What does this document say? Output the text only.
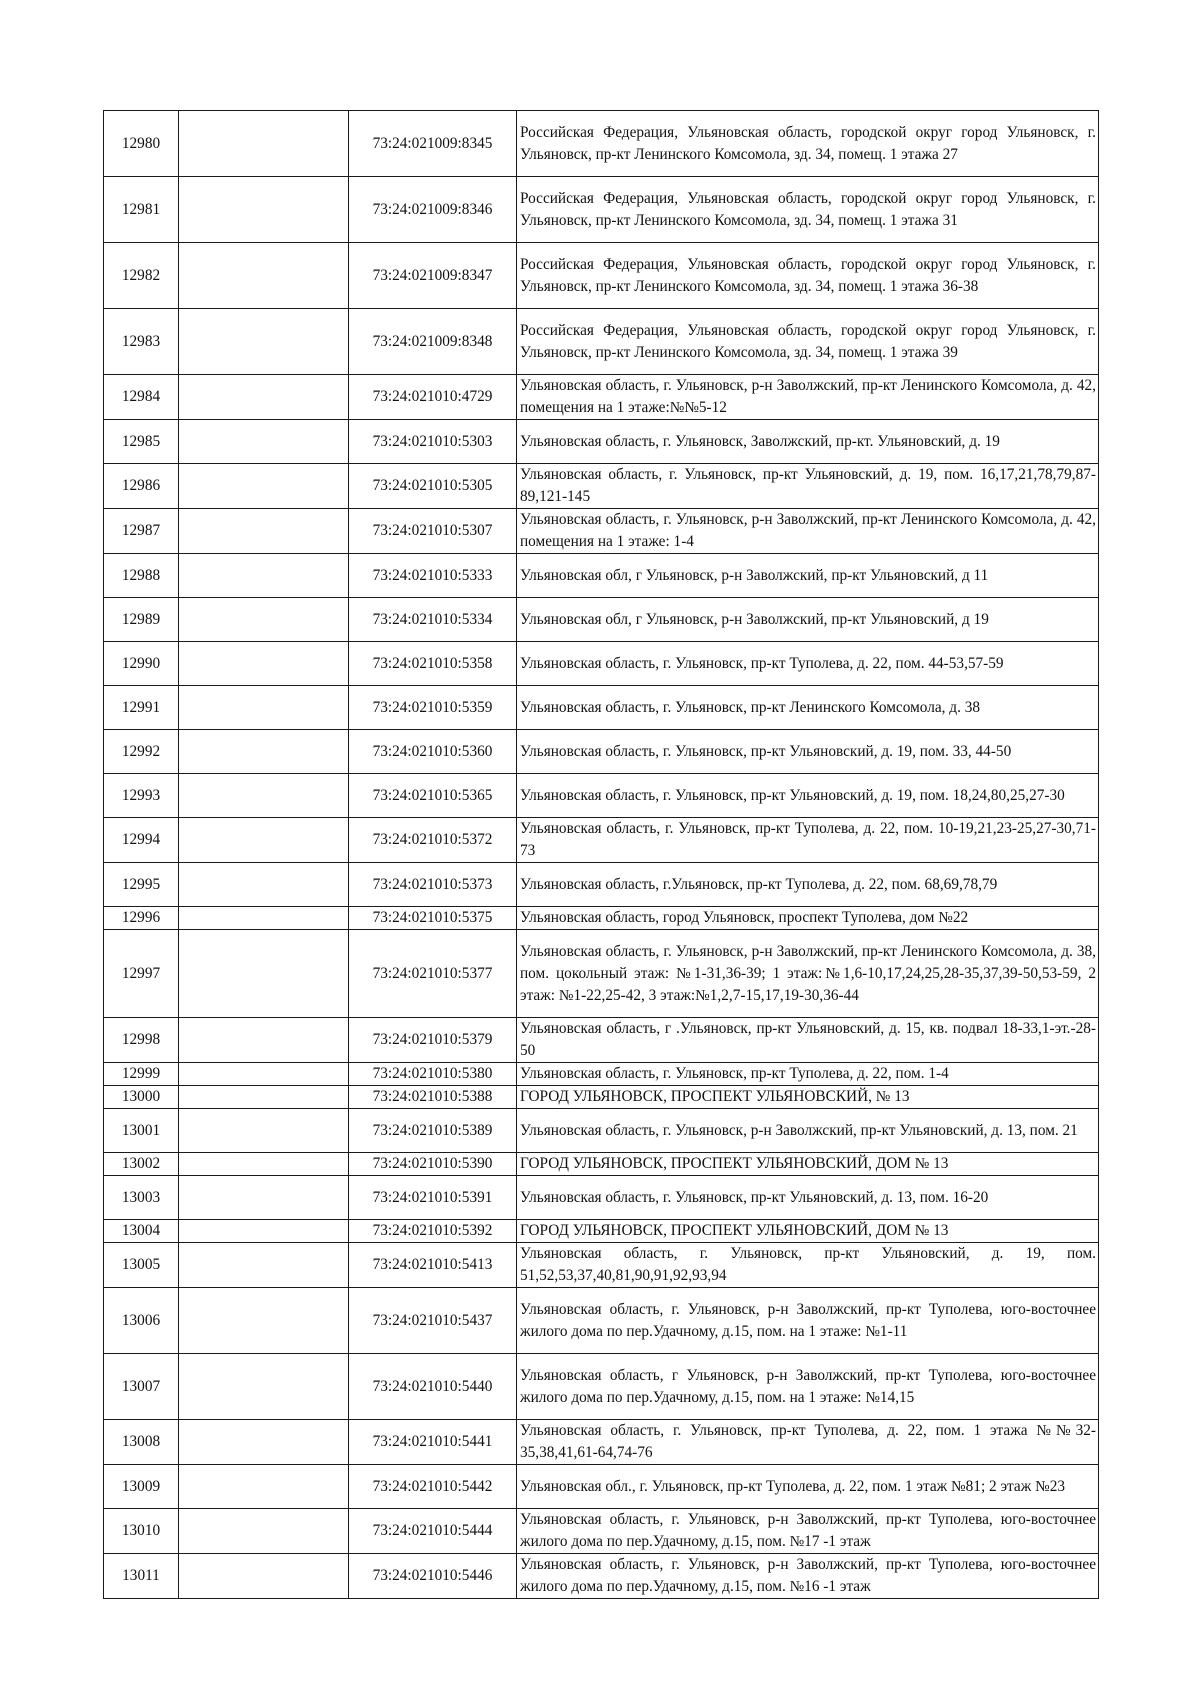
12980		73:24:021009:8345	Российская Федерация, Ульяновская область, городской округ город Ульяновск, г. Ульяновск, пр-кт Ленинского Комсомола, зд. 34, помещ. 1 этажа 27
12981		73:24:021009:8346	Российская Федерация, Ульяновская область, городской округ город Ульяновск, г. Ульяновск, пр-кт Ленинского Комсомола, зд. 34, помещ. 1 этажа 31
12982		73:24:021009:8347	Российская Федерация, Ульяновская область, городской округ город Ульяновск, г. Ульяновск, пр-кт Ленинского Комсомола, зд. 34, помещ. 1 этажа 36-38
12983		73:24:021009:8348	Российская Федерация, Ульяновская область, городской округ город Ульяновск, г. Ульяновск, пр-кт Ленинского Комсомола, зд. 34, помещ. 1 этажа 39
12984		73:24:021010:4729	Ульяновская область, г. Ульяновск, р-н Заволжский, пр-кт Ленинского Комсомола, д. 42, помещения на 1 этаже:№№5-12
12985		73:24:021010:5303	Ульяновская область, г. Ульяновск, Заволжский, пр-кт. Ульяновский, д. 19
12986		73:24:021010:5305	Ульяновская область, г. Ульяновск, пр-кт Ульяновский, д. 19, пом. 16,17,21,78,79,87-89,121-145
12987		73:24:021010:5307	Ульяновская область, г. Ульяновск, р-н Заволжский, пр-кт Ленинского Комсомола, д. 42, помещения на 1 этаже: 1-4
12988		73:24:021010:5333	Ульяновская обл, г Ульяновск, р-н Заволжский, пр-кт Ульяновский, д 11
12989		73:24:021010:5334	Ульяновская обл, г Ульяновск, р-н Заволжский, пр-кт Ульяновский, д 19
12990		73:24:021010:5358	Ульяновская область, г. Ульяновск, пр-кт Туполева, д. 22, пом. 44-53,57-59
12991		73:24:021010:5359	Ульяновская область, г. Ульяновск, пр-кт Ленинского Комсомола, д. 38
12992		73:24:021010:5360	Ульяновская область, г. Ульяновск, пр-кт Ульяновский, д. 19, пом. 33, 44-50
12993		73:24:021010:5365	Ульяновская область, г. Ульяновск, пр-кт Ульяновский, д. 19, пом. 18,24,80,25,27-30
12994		73:24:021010:5372	Ульяновская область, г. Ульяновск, пр-кт Туполева, д. 22, пом. 10-19,21,23-25,27-30,71-73
12995		73:24:021010:5373	Ульяновская область, г.Ульяновск, пр-кт Туполева, д. 22, пом. 68,69,78,79
12996		73:24:021010:5375	Ульяновская область, город Ульяновск, проспект Туполева, дом №22
12997		73:24:021010:5377	Ульяновская область, г. Ульяновск, р-н Заволжский, пр-кт Ленинского Комсомола, д. 38, пом. цокольный этаж: №1-31,36-39; 1 этаж:№1,6-10,17,24,25,28-35,37,39-50,53-59, 2 этаж: №1-22,25-42, 3 этаж:№1,2,7-15,17,19-30,36-44
12998		73:24:021010:5379	Ульяновская область, г .Ульяновск, пр-кт Ульяновский, д. 15, кв. подвал 18-33,1-эт.-28-50
12999		73:24:021010:5380	Ульяновская область, г. Ульяновск, пр-кт Туполева, д. 22, пом. 1-4
13000		73:24:021010:5388	ГОРОД УЛЬЯНОВСК, ПРОСПЕКТ УЛЬЯНОВСКИЙ, № 13
13001		73:24:021010:5389	Ульяновская область, г. Ульяновск, р-н Заволжский, пр-кт Ульяновский, д. 13, пом. 21
13002		73:24:021010:5390	ГОРОД УЛЬЯНОВСК, ПРОСПЕКТ УЛЬЯНОВСКИЙ, ДОМ № 13
13003		73:24:021010:5391	Ульяновская область, г. Ульяновск, пр-кт Ульяновский, д. 13, пом. 16-20
13004		73:24:021010:5392	ГОРОД УЛЬЯНОВСК, ПРОСПЕКТ УЛЬЯНОВСКИЙ, ДОМ № 13
13005		73:24:021010:5413	Ульяновская область, г. Ульяновск, пр-кт Ульяновский, д. 19, пом. 51,52,53,37,40,81,90,91,92,93,94
13006		73:24:021010:5437	Ульяновская область, г. Ульяновск, р-н Заволжский, пр-кт Туполева, юго-восточнее жилого дома по пер.Удачному, д.15, пом. на 1 этаже: №1-11
13007		73:24:021010:5440	Ульяновская область, г Ульяновск, р-н Заволжский, пр-кт Туполева, юго-восточнее жилого дома по пер.Удачному, д.15, пом. на 1 этаже: №14,15
13008		73:24:021010:5441	Ульяновская область, г. Ульяновск, пр-кт Туполева, д. 22, пом. 1 этажа №№32-35,38,41,61-64,74-76
13009		73:24:021010:5442	Ульяновская обл., г. Ульяновск, пр-кт Туполева, д. 22, пом. 1 этаж №81; 2 этаж №23
13010		73:24:021010:5444	Ульяновская область, г. Ульяновск, р-н Заволжский, пр-кт Туполева, юго-восточнее жилого дома по пер.Удачному, д.15, пом. №17 -1 этаж
13011		73:24:021010:5446	Ульяновская область, г. Ульяновск, р-н Заволжский, пр-кт Туполева, юго-восточнее жилого дома по пер.Удачному, д.15, пом. №16 -1 этаж
